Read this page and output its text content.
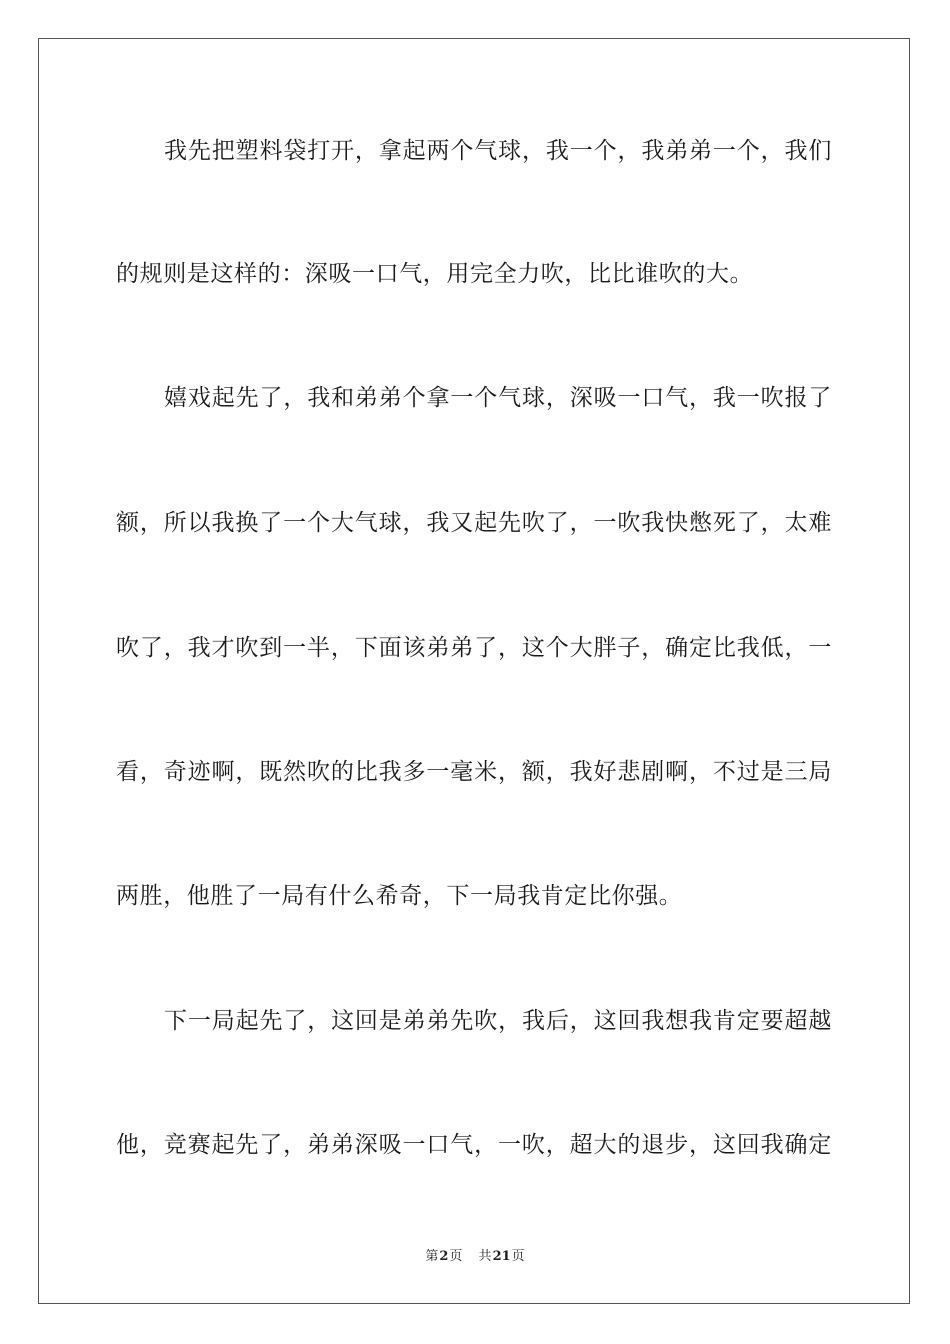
我先把塑料袋打开，拿起两个气球，我一个，我弟弟一个，我们
的规则是这样的：深吸一口气，用完全力吹，比比谁吹的大。
嬉戏起先了，我和弟弟个拿一个气球，深吸一口气，我一吹报了
额，所以我换了一个大气球，我又起先吹了，一吹我快憋死了，太难
吹了，我才吹到一半，下面该弟弟了，这个大胖子，确定比我低，一
看，奇迹啊，既然吹的比我多一毫米，额，我好悲剧啊，不过是三局
两胜，他胜了一局有什么希奇，下一局我肯定比你强。
下一局起先了，这回是弟弟先吹，我后，这回我想我肯定要超越
他，竞赛起先了，弟弟深吸一口气，一吹，超大的退步，这回我确定
第2页 共21页
